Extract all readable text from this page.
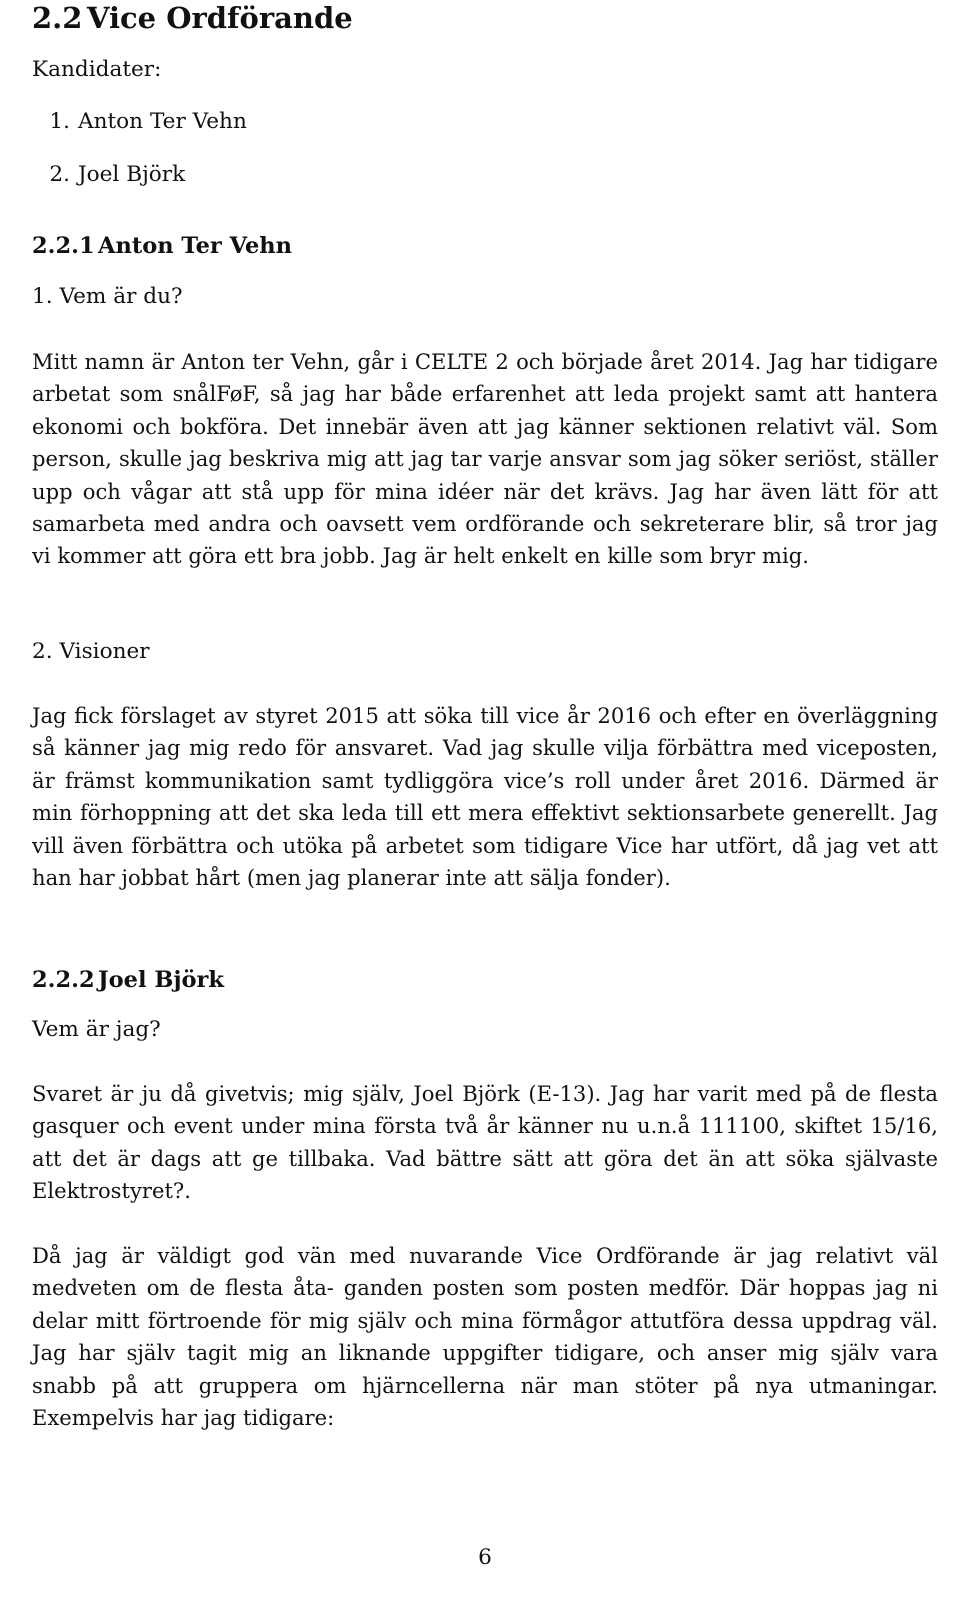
2.2 Vice Ordförande
Kandidater:
1. Anton Ter Vehn
2. Joel Björk
2.2.1 Anton Ter Vehn
1. Vem är du?

Mitt namn är Anton ter Vehn, går i CELTE 2 och började året 2014. Jag har tidigare arbetat som snålFøF, så jag har både erfarenhet att leda projekt samt att hantera ekonomi och bokföra. Det innebär även att jag känner sektionen relativt väl. Som person, skulle jag beskriva mig att jag tar varje ansvar som jag söker seriöst, ställer upp och vågar att stå upp för mina idéer när det krävs. Jag har även lätt för att samarbeta med andra och oavsett vem ordförande och sekreterare blir, så tror jag vi kommer att göra ett bra jobb. Jag är helt enkelt en kille som bryr mig.

2. Visioner

Jag fick förslaget av styret 2015 att söka till vice år 2016 och efter en överläggning så känner jag mig redo för ansvaret. Vad jag skulle vilja förbättra med viceposten, är främst kommunikation samt tydliggöra vice’s roll under året 2016. Därmed är min förhoppning att det ska leda till ett mera effektivt sektionsarbete generellt. Jag vill även förbättra och utöka på arbetet som tidigare Vice har utfört, då jag vet att han har jobbat hårt (men jag planerar inte att sälja fonder).

2.2.2 Joel Björk
Vem är jag?

Svaret är ju då givetvis; mig själv, Joel Björk (E-13). Jag har varit med på de flesta gasquer och event under mina första två år känner nu u.n.å 111100, skiftet 15/16, att det är dags att ge tillbaka. Vad bättre sätt att göra det än att söka självaste Elektrostyret?.

Då jag är väldigt god vän med nuvarande Vice Ordförande är jag relativt väl medveten om de flesta åta- ganden posten som posten medför. Där hoppas jag ni delar mitt förtroende för mig själv och mina förmågor attutföra dessa uppdrag väl. Jag har själv tagit mig an liknande uppgifter tidigare, och anser mig själv vara snabb på att gruppera om hjärncellerna när man stöter på nya utmaningar. Exempelvis har jag tidigare:

6
